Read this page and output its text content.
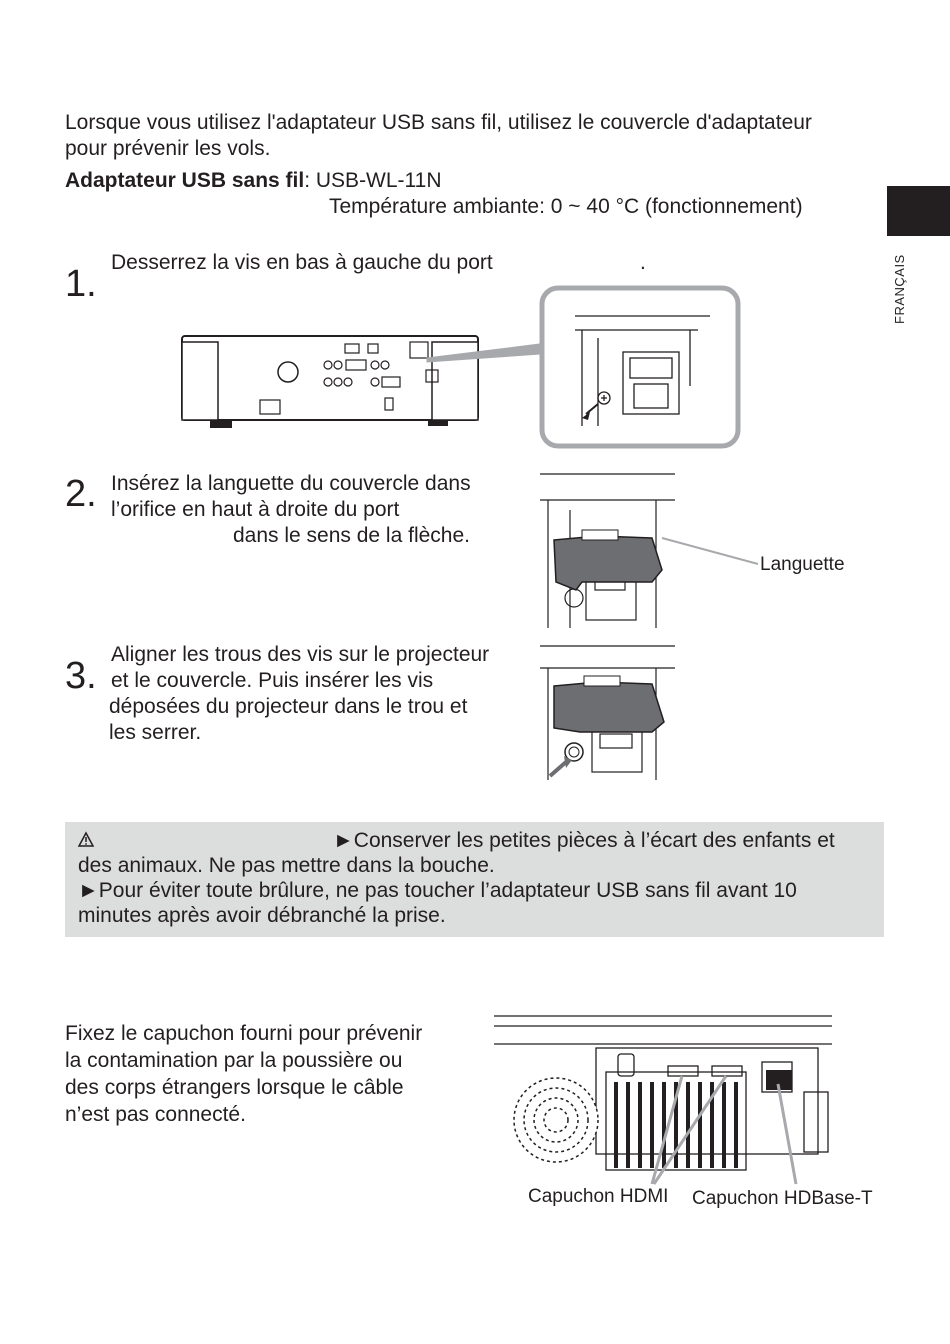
FRANÇAIS
Lorsque vous utilisez l'adaptateur USB sans fil, utilisez le couvercle d'adaptateur
pour prévenir les vols.
Adaptateur USB sans fil: USB-WL-11N
Température ambiante: 0 ~ 40 °C (fonctionnement)
1.
Desserrez la vis en bas à gauche du port	.
2. Insérez la languette du couvercle dans
l’orifice en haut à droite du port
dans le sens de la flèche.
Languette
3.
Aligner les trous des vis sur le projecteur
et le couvercle. Puis insérer les vis
déposées du projecteur dans le trou et
les serrer.
►Conserver les petites pièces à l’écart des enfants et
des animaux. Ne pas mettre dans la bouche.
►Pour éviter toute brûlure, ne pas toucher l’adaptateur USB sans fil avant 10
minutes après avoir débranché la prise.
Fixez le capuchon fourni pour prévenir
la contamination par la poussière ou
des corps étrangers lorsque le câble
n’est pas connecté.
Capuchon HDMI Capuchon HDBase-T
